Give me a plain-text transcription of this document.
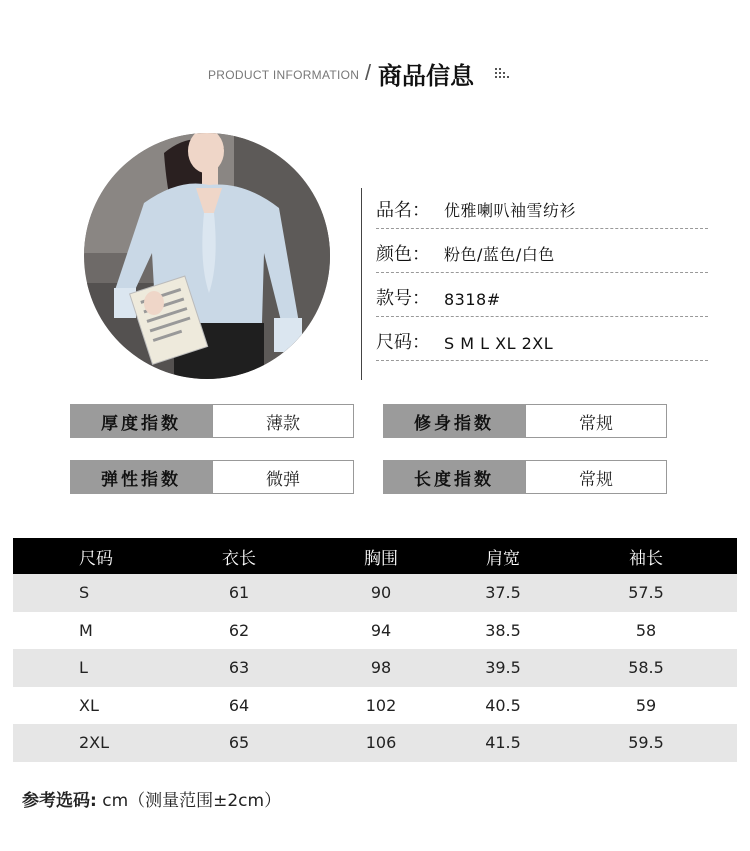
PRODUCT INFORMATION / 商品信息
品名： 优雅喇叭袖雪纺衫
颜色： 粉色/蓝色/白色
款号： 8318#
尺码： S M L XL 2XL
厚度指数	薄款	修身指数	常规
弹性指数	微弹	长度指数	常规
尺码	衣长	胸围	肩宽	袖长
S	61	90	37.5	57.5
M	62	94	38.5	58
L	63	98	39.5	58.5
XL	64	102	40.5	59
2XL	65	106	41.5	59.5
参考选码: cm（测量范围±2cm）
